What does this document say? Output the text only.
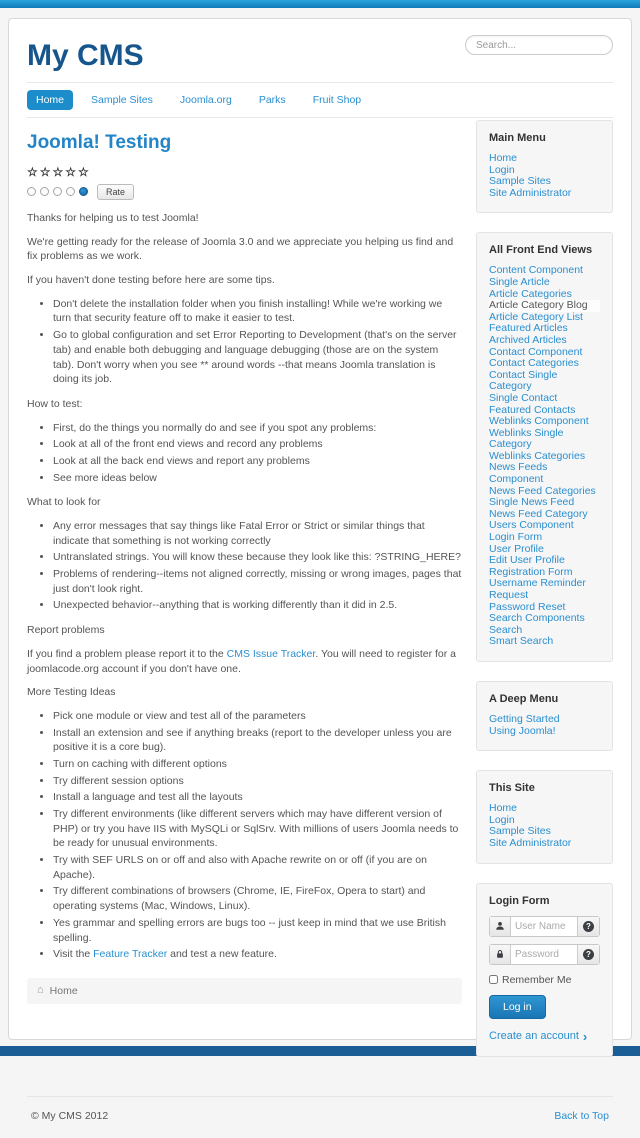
My CMS
Search...
Home	Sample Sites	Joomla.org	Parks	Fruit Shop
Joomla! Testing
☆☆☆☆☆
Rate

Thanks for helping us to test Joomla!

We're getting ready for the release of Joomla 3.0 and we appreciate you helping us find and fix problems as we work.

If you haven't done testing before here are some tips.

• Don't delete the installation folder when you finish installing! While we're working we turn that security feature off to make it easier to test.
• Go to global configuration and set Error Reporting to Development (that's on the server tab) and enable both debugging and language debugging (those are on the system tab). Don't worry when you see ** around words --that means Joomla translation is doing its job.

How to test:

• First, do the things you normally do and see if you spot any problems:
• Look at all of the front end views and record any problems
• Look at all the back end views and report any problems
• See more ideas below

What to look for

• Any error messages that say things like Fatal Error or Strict or similar things that indicate that something is not working correctly
• Untranslated strings. You will know these because they look like this: ?STRING_HERE?
• Problems of rendering--items not aligned correctly, missing or wrong images, pages that just don't look right.
• Unexpected behavior--anything that is working differently than it did in 2.5.

Report problems

If you find a problem please report it to the CMS Issue Tracker. You will need to register for a joomlacode.org account if you don't have one.

More Testing Ideas

• Pick one module or view and test all of the parameters
• Install an extension and see if anything breaks (report to the developer unless you are positive it is a core bug).
• Turn on caching with different options
• Try different session options
• Install a language and test all the layouts
• Try different environments (like different servers which may have different version of PHP) or try you have IIS with MySQLi or SqlSrv. With millions of users Joomla needs to be ready for unusual environments.
• Try with SEF URLS on or off and also with Apache rewrite on or off (if you are on Apache).
• Try different combinations of browsers (Chrome, IE, FireFox, Opera to start) and operating systems (Mac, Windows, Linux).
• Yes grammar and spelling errors are bugs too -- just keep in mind that we use British spelling.
• Visit the Feature Tracker and test a new feature.
⌂ Home
Main Menu
Home
Login
Sample Sites
Site Administrator
All Front End Views
Content Component
Single Article
Article Categories
Article Category Blog
Article Category List
Featured Articles
Archived Articles
Contact Component
Contact Categories
Contact Single Category
Single Contact
Featured Contacts
Weblinks Component
Weblinks Single Category
Weblinks Categories
News Feeds Component
News Feed Categories
Single News Feed
News Feed Category
Users Component
Login Form
User Profile
Edit User Profile
Registration Form
Username Reminder Request
Password Reset
Search Components
Search
Smart Search
A Deep Menu
Getting Started
Using Joomla!
This Site
Home
Login
Sample Sites
Site Administrator
Login Form
User Name
?
?
Remember Me
Log in
Create an account ›
© My CMS 2012	Back to Top
